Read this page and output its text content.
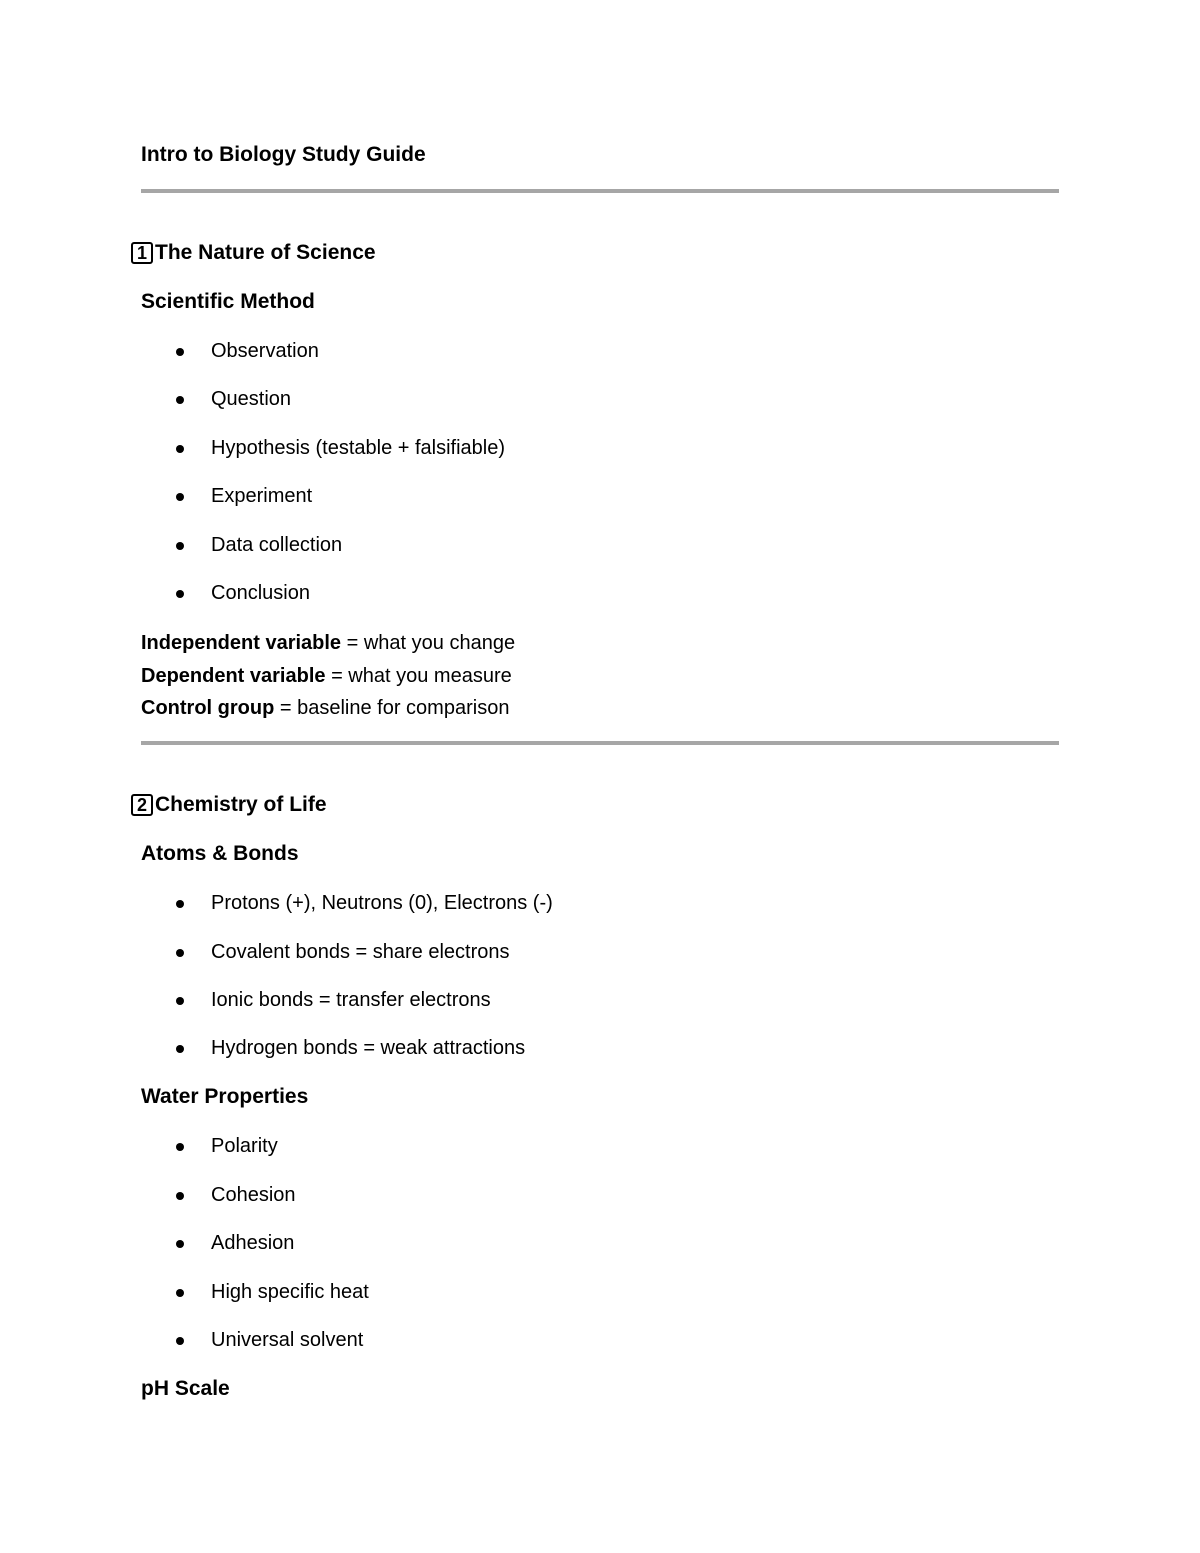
Intro to Biology Study Guide
1 The Nature of Science
Scientific Method
Observation
Question
Hypothesis (testable + falsifiable)
Experiment
Data collection
Conclusion
Independent variable = what you change
Dependent variable = what you measure
Control group = baseline for comparison
2 Chemistry of Life
Atoms & Bonds
Protons (+), Neutrons (0), Electrons (-)
Covalent bonds = share electrons
Ionic bonds = transfer electrons
Hydrogen bonds = weak attractions
Water Properties
Polarity
Cohesion
Adhesion
High specific heat
Universal solvent
pH Scale
